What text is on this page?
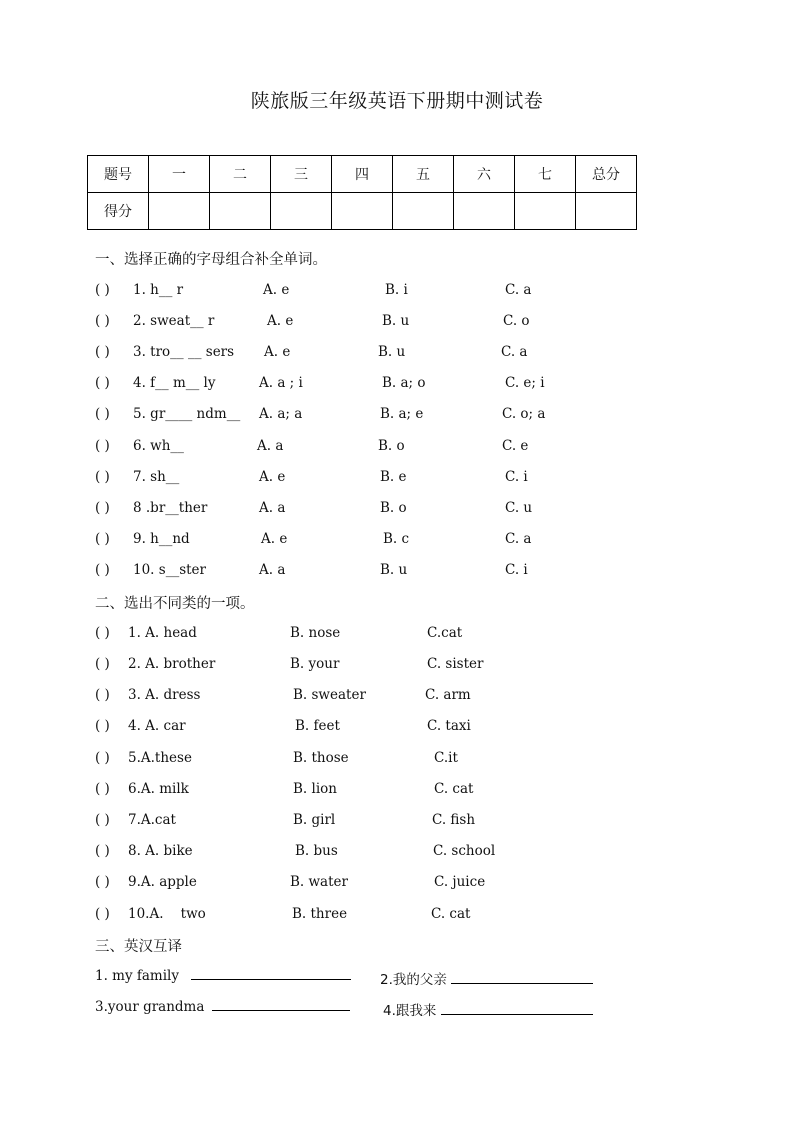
陕旅版三年级英语下册期中测试卷
题号	一	二	三	四	五	六	七	总分
得分								
一、选择正确的字母组合补全单词。
( ) 1. h__ r	A. e	B. i	C. a
( ) 2. sweat__ r	A. e	B. u	C. o
( ) 3. tro__ __ sers A. e	B. u	C. a
( ) 4. f__ m__ ly	A. a ; i	B. a; o	C. e; i
( ) 5. gr____ ndm__ A. a; a	B. a; e	C. o; a
( ) 6. wh__	A. a	B. o	C. e
( ) 7. sh__	A. e	B. e	C. i
( ) 8 .br__ther	A. a	B. o	C. u
( ) 9. h__nd	A. e	B. c	C. a
( ) 10. s__ster	A. a	B. u	C. i
二、选出不同类的一项。
( ) 1. A. head	B. nose	C.cat
( ) 2. A. brother	B. your	C. sister
( ) 3. A. dress	B. sweater	C. arm
( ) 4. A. car	B. feet	C. taxi
( ) 5.A.these	B. those	C.it
( ) 6.A. milk	B. lion	C. cat
( ) 7.A.cat	B. girl	C. fish
( ) 8. A. bike	B. bus	C. school
( ) 9.A. apple	B. water	C. juice
( ) 10.A.    two	B. three	C. cat
三、英汉互译
1. my family	2.我的父亲
3.your grandma	4.跟我来
